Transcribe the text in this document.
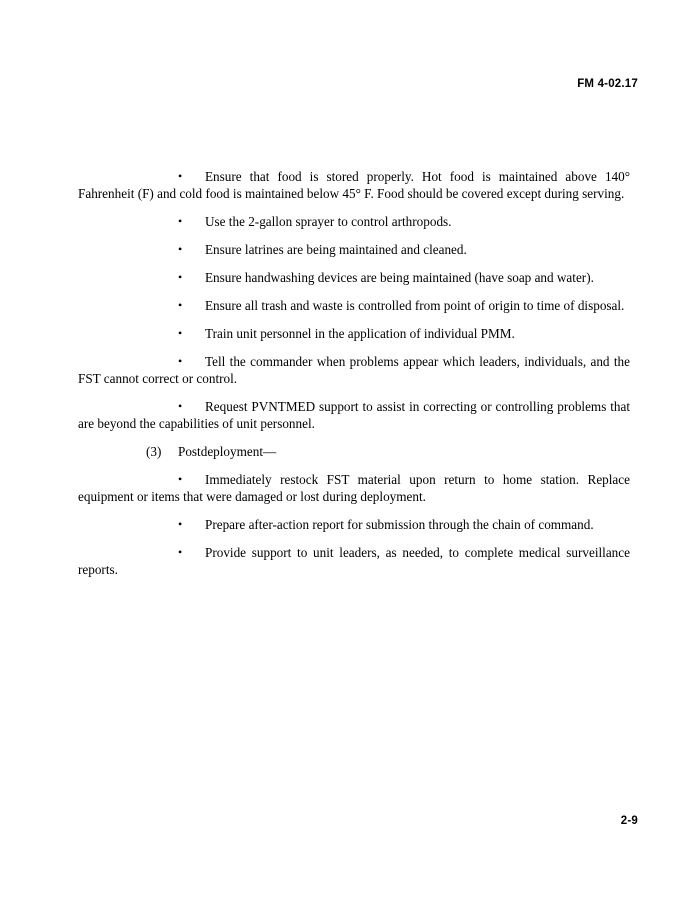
FM 4-02.17
•	Ensure that food is stored properly. Hot food is maintained above 140° Fahrenheit (F) and cold food is maintained below 45° F. Food should be covered except during serving.
•	Use the 2-gallon sprayer to control arthropods.
•	Ensure latrines are being maintained and cleaned.
•	Ensure handwashing devices are being maintained (have soap and water).
•	Ensure all trash and waste is controlled from point of origin to time of disposal.
•	Train unit personnel in the application of individual PMM.
•	Tell the commander when problems appear which leaders, individuals, and the FST cannot correct or control.
•	Request PVNTMED support to assist in correcting or controlling problems that are beyond the capabilities of unit personnel.
(3)	Postdeployment—
•	Immediately restock FST material upon return to home station. Replace equipment or items that were damaged or lost during deployment.
•	Prepare after-action report for submission through the chain of command.
•	Provide support to unit leaders, as needed, to complete medical surveillance reports.
2-9
